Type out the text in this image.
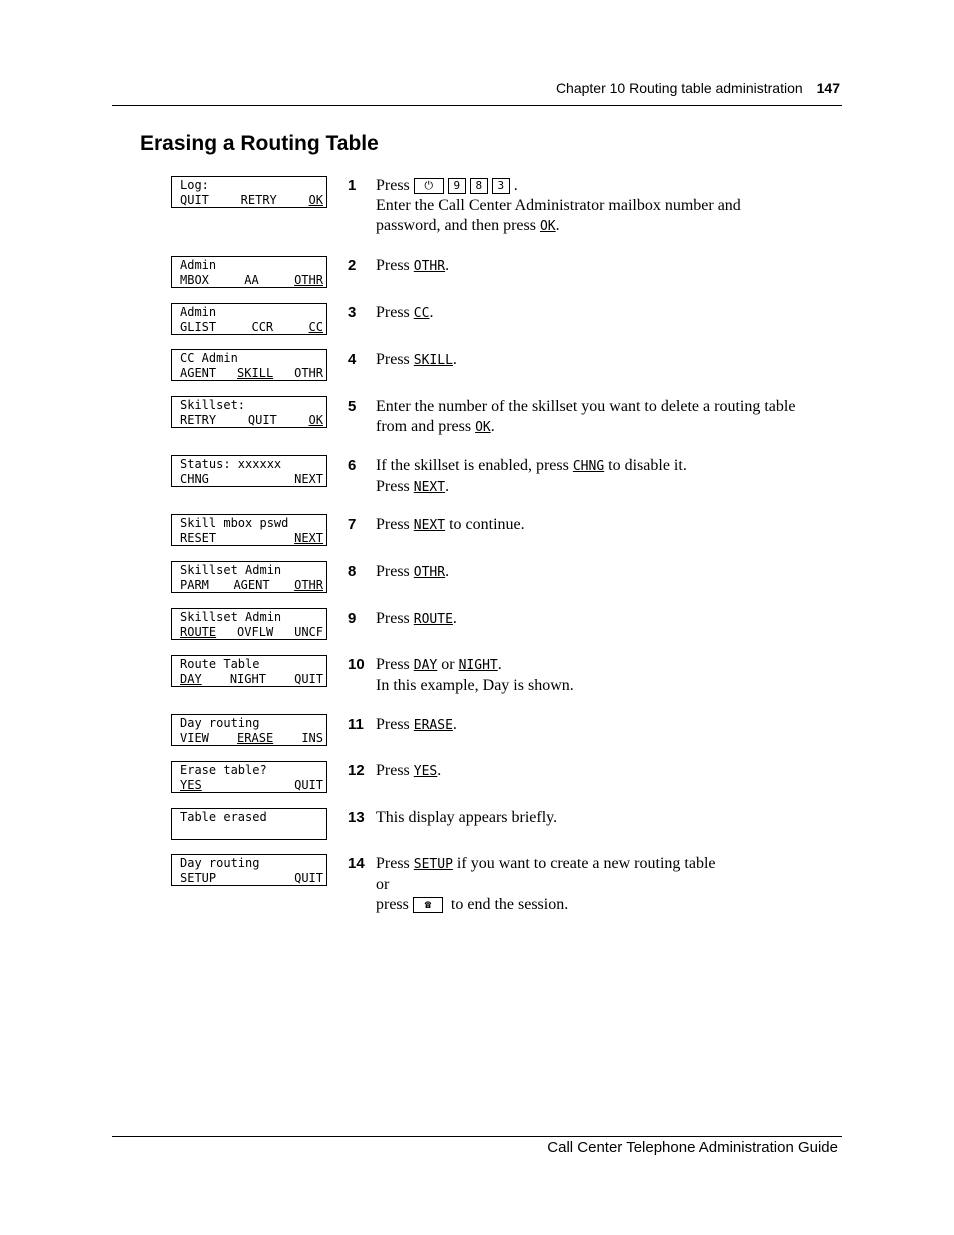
Chapter 10 Routing table administration 147
Erasing a Routing Table
Log:
QUIT	RETRY	OK
Admin
MBOX	AA	OTHR
Admin
GLIST	CCR	CC
CC Admin
AGENT SKILL OTHR
Skillset:
RETRY	QUIT	OK
Status: xxxxxx
CHNG	NEXT
Skill mbox pswd
RESET	NEXT
Skillset Admin
PARM AGENT OTHR
Skillset Admin
ROUTE OVFLW UNCF
Route Table
DAY NIGHT QUIT
Day routing
VIEW ERASE INS
Erase table?
YES	QUIT
Table erased
Day routing
SETUP	QUIT
1 Press ⏻ 9 8 3 .
Enter the Call Center Administrator mailbox number and
password, and then press OK.
2 Press OTHR.
3 Press CC.
4 Press SKILL.
5 Enter the number of the skillset you want to delete a routing table
from and press OK.
6 If the skillset is enabled, press CHNG to disable it.
Press NEXT.
7 Press NEXT to continue.
8 Press OTHR.
9 Press ROUTE.
10 Press DAY or NIGHT.
In this example, Day is shown.
11 Press ERASE.
12 Press YES.
13 This display appears briefly.
14 Press SETUP if you want to create a new routing table
or
press ☎ to end the session.
Call Center Telephone Administration Guide
